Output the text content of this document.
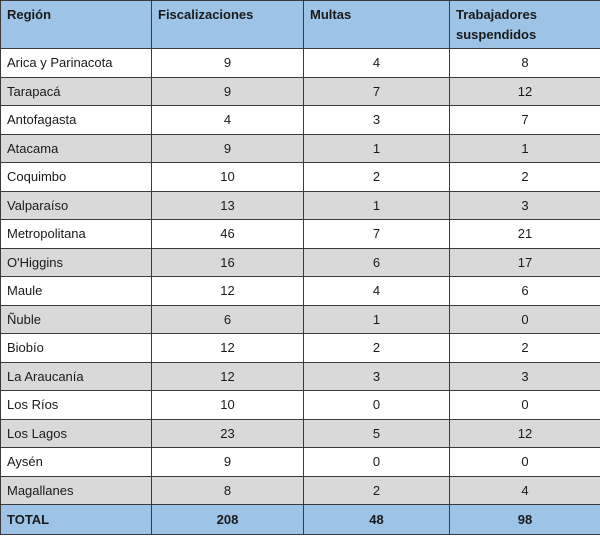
Región	Fiscalizaciones	Multas	Trabajadores suspendidos
Arica y Parinacota	9	4	8
Tarapacá	9	7	12
Antofagasta	4	3	7
Atacama	9	1	1
Coquimbo	10	2	2
Valparaíso	13	1	3
Metropolitana	46	7	21
O'Higgins	16	6	17
Maule	12	4	6
Ñuble	6	1	0
Biobío	12	2	2
La Araucanía	12	3	3
Los Ríos	10	0	0
Los Lagos	23	5	12
Aysén	9	0	0
Magallanes	8	2	4
TOTAL	208	48	98
